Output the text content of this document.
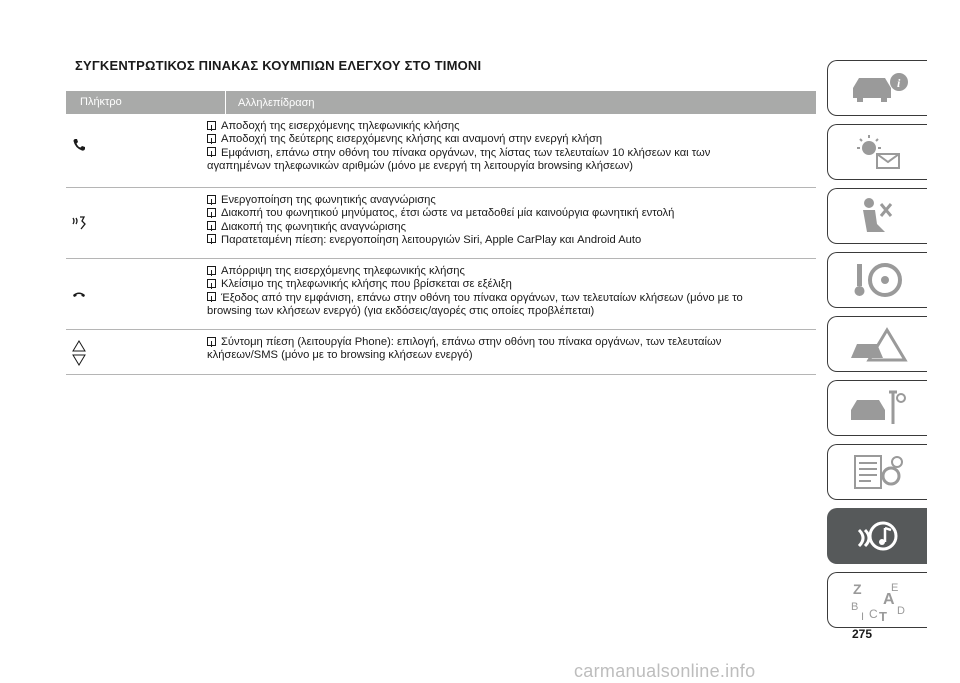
ΣΥΓΚΕΝΤΡΩΤΙΚΟΣ ΠΙΝΑΚΑΣ ΚΟΥΜΠΙΩΝ ΕΛΕΓΧΟΥ ΣΤΟ ΤΙΜΟΝΙ
Πλήκτρο	Αλληλεπίδραση
Αποδοχή της εισερχόμενης τηλεφωνικής κλήσης
Αποδοχή της δεύτερης εισερχόμενης κλήσης και αναμονή στην ενεργή κλήση
Εμφάνιση, επάνω στην οθόνη του πίνακα οργάνων, της λίστας των τελευταίων 10 κλήσεων και των
αγαπημένων τηλεφωνικών αριθμών (μόνο με ενεργή τη λειτουργία browsing κλήσεων)
Ενεργοποίηση της φωνητικής αναγνώρισης
Διακοπή του φωνητικού μηνύματος, έτσι ώστε να μεταδοθεί μία καινούργια φωνητική εντολή
Διακοπή της φωνητικής αναγνώρισης
Παρατεταμένη πίεση: ενεργοποίηση λειτουργιών Siri, Apple CarPlay και Android Auto
Απόρριψη της εισερχόμενης τηλεφωνικής κλήσης
Κλείσιμο της τηλεφωνικής κλήσης που βρίσκεται σε εξέλιξη
Έξοδος από την εμφάνιση, επάνω στην οθόνη του πίνακα οργάνων, των τελευταίων κλήσεων (μόνο με το
browsing των κλήσεων ενεργό) (για εκδόσεις/αγορές στις οποίες προβλέπεται)
Σύντομη πίεση (λειτουργία Phone): επιλογή, επάνω στην οθόνη του πίνακα οργάνων, των τελευταίων
κλήσεων/SMS (μόνο με το browsing κλήσεων ενεργό)
i
Z	E
A
B C D
I T
275
carmanualsonline.info
